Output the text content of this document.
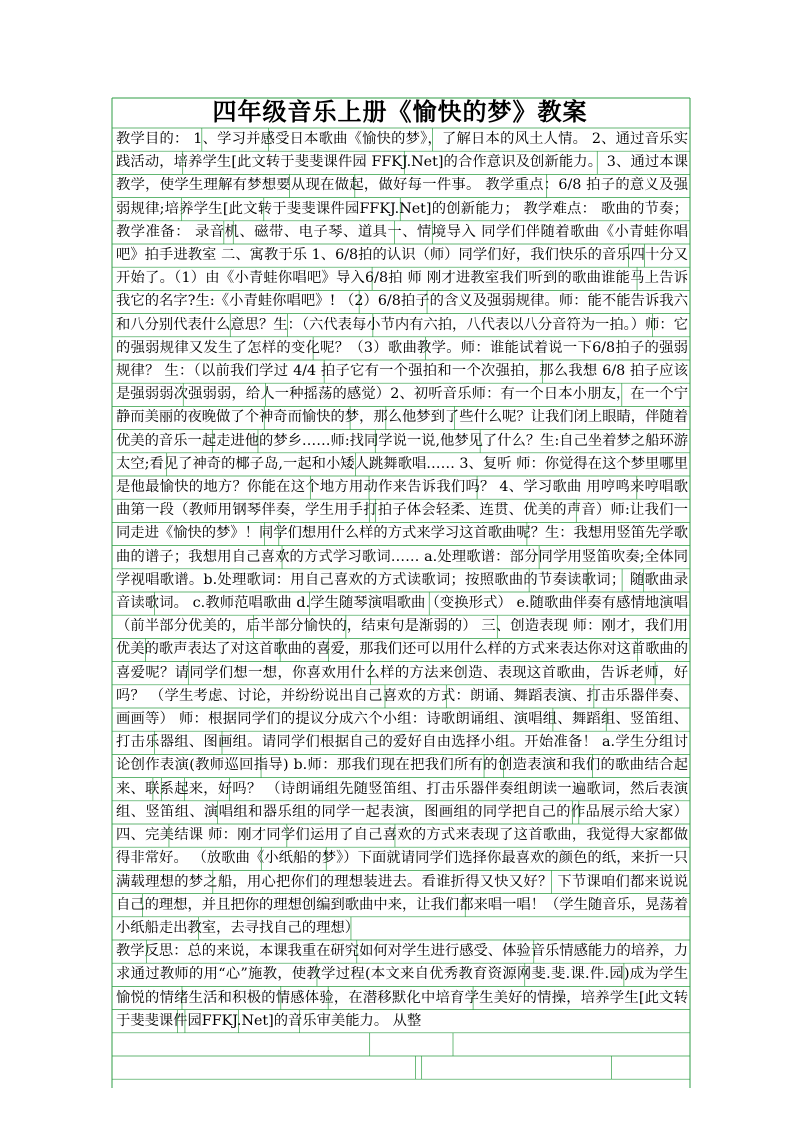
四年级音乐上册《愉快的梦》教案

教学目的： 1、学习并感受日本歌曲《愉快的梦》，了解日本的风土人情。 2、通过音乐实践活动，培养学生[此文转于斐斐课件园 FFKJ.Net]的合作意识及创新能力。 3、通过本课教学，使学生理解有梦想要从现在做起，做好每一件事。 教学重点：6/8 拍子的意义及强弱规律;培养学生[此文转于斐斐课件园FFKJ.Net]的创新能力； 教学难点： 歌曲的节奏；教学准备： 录音机、磁带、电子琴、道具一、情境导入 同学们伴随着歌曲《小青蛙你唱吧》拍手进教室 二、寓教于乐 1、6/8拍的认识（师）同学们好，我们快乐的音乐四十分又开始了。（1）由《小青蛙你唱吧》导入6/8拍 师 刚才进教室我们听到的歌曲谁能马上告诉我它的名字?生:《小青蛙你唱吧》! （2）6/8拍子的含义及强弱规律。师：能不能告诉我六和八分别代表什么意思？生：（六代表每小节内有六拍，八代表以八分音符为一拍。）师：它的强弱规律又发生了怎样的变化呢？（3）歌曲教学。师：谁能试着说一下6/8拍子的强弱规律？ 生：（以前我们学过 4/4 拍子它有一个强拍和一个次强拍，那么我想 6/8 拍子应该是强弱弱次强弱弱，给人一种摇荡的感觉）2、初听音乐师：有一个日本小朋友，在一个宁静而美丽的夜晚做了个神奇而愉快的梦，那么他梦到了些什么呢？让我们闭上眼睛，伴随着优美的音乐一起走进他的梦乡……师:找同学说一说,他梦见了什么？生:自己坐着梦之船环游太空;看见了神奇的椰子岛,一起和小矮人跳舞歌唱…… 3、复听 师：你觉得在这个梦里哪里是他最愉快的地方？你能在这个地方用动作来告诉我们吗？ 4、学习歌曲 用哼鸣来哼唱歌曲第一段（教师用钢琴伴奏，学生用手打拍子体会轻柔、连贯、优美的声音）师:让我们一同走进《愉快的梦》！同学们想用什么样的方式来学习这首歌曲呢？生：我想用竖笛先学歌曲的谱子；我想用自己喜欢的方式学习歌词…… a.处理歌谱：部分同学用竖笛吹奏;全体同学视唱歌谱。b.处理歌词：用自己喜欢的方式读歌词；按照歌曲的节奏读歌词； 随歌曲录音读歌词。 c.教师范唱歌曲 d.学生随琴演唱歌曲（变换形式） e.随歌曲伴奏有感情地演唱（前半部分优美的，后半部分愉快的，结束句是渐弱的） 三、创造表现 师：刚才，我们用优美的歌声表达了对这首歌曲的喜爱，那我们还可以用什么样的方式来表达你对这首歌曲的喜爱呢？请同学们想一想，你喜欢用什么样的方法来创造、表现这首歌曲，告诉老师，好吗？ （学生考虑、讨论，并纷纷说出自己喜欢的方式：朗诵、舞蹈表演、打击乐器伴奏、画画等） 师：根据同学们的提议分成六个小组：诗歌朗诵组、演唱组、舞蹈组、竖笛组、打击乐器组、图画组。请同学们根据自己的爱好自由选择小组。开始准备！ a.学生分组讨论创作表演(教师巡回指导) b.师：那我们现在把我们所有的创造表演和我们的歌曲结合起来、联系起来，好吗？ （诗朗诵组先随竖笛组、打击乐器伴奏组朗读一遍歌词，然后表演组、竖笛组、演唱组和器乐组的同学一起表演，图画组的同学把自己的作品展示给大家） 四、完美结课 师：刚才同学们运用了自己喜欢的方式来表现了这首歌曲，我觉得大家都做得非常好。 （放歌曲《小纸船的梦》）下面就请同学们选择你最喜欢的颜色的纸，来折一只满载理想的梦之船，用心把你们的理想装进去。看谁折得又快又好？ 下节课咱们都来说说自己的理想，并且把你的理想创编到歌曲中来，让我们都来唱一唱！（学生随音乐，晃荡着小纸船走出教室，去寻找自己的理想）

教学反思：总的来说，本课我重在研究如何对学生进行感受、体验音乐情感能力的培养，力求通过教师的用“心”施教，使教学过程(本文来自优秀教育资源网斐.斐.课.件.园)成为学生愉悦的情绪生活和积极的情感体验，在潜移默化中培育学生美好的情操，培养学生[此文转于斐斐课件园FFKJ.Net]的音乐审美能力。 从整
